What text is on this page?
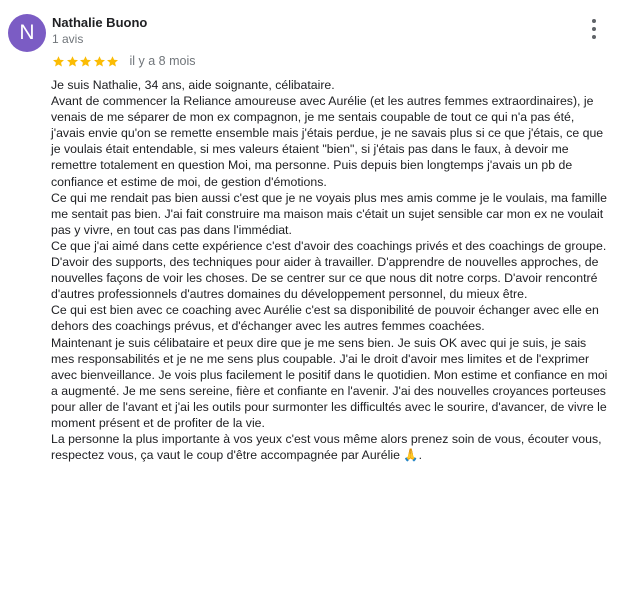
N	Nathalie Buono
1 avis
il y a 8 mois

Je suis Nathalie, 34 ans, aide soignante, célibataire.

Avant de commencer la Reliance amoureuse avec Aurélie (et les autres femmes extraordinaires), je venais de me séparer de mon ex compagnon, je me sentais coupable de tout ce qui n'a pas été, j'avais envie qu'on se remette ensemble mais j'étais perdue, je ne savais plus si ce que j'étais, ce que je voulais était entendable, si mes valeurs étaient "bien", si j'étais pas dans le faux, à devoir me remettre totalement en question Moi, ma personne. Puis depuis bien longtemps j'avais un pb de confiance et estime de moi, de gestion d'émotions.

Ce qui me rendait pas bien aussi c'est que je ne voyais plus mes amis comme je le voulais, ma famille me sentait pas bien. J'ai fait construire ma maison mais c'était un sujet sensible car mon ex ne voulait pas y vivre, en tout cas pas dans l'immédiat.

Ce que j'ai aimé dans cette expérience c'est d'avoir des coachings privés et des coachings de groupe. D'avoir des supports, des techniques pour aider à travailler. D'apprendre de nouvelles approches, de nouvelles façons de voir les choses. De se centrer sur ce que nous dit notre corps. D'avoir rencontré d'autres professionnels d'autres domaines du développement personnel, du mieux être.

Ce qui est bien avec ce coaching avec Aurélie c'est sa disponibilité de pouvoir échanger avec elle en dehors des coachings prévus, et d'échanger avec les autres femmes coachées.

Maintenant je suis célibataire et peux dire que je me sens bien. Je suis OK avec qui je suis, je sais mes responsabilités et je ne me sens plus coupable. J'ai le droit d'avoir mes limites et de l'exprimer avec bienveillance. Je vois plus facilement le positif dans le quotidien. Mon estime et confiance en moi a augmenté. Je me sens sereine, fière et confiante en l'avenir. J'ai des nouvelles croyances porteuses pour aller de l'avant et j'ai les outils pour surmonter les difficultés avec le sourire, d'avancer, de vivre le moment présent et de profiter de la vie.

La personne la plus importante à vos yeux c'est vous même alors prenez soin de vous, écouter vous, respectez vous, ça vaut le coup d'être accompagnée par Aurélie 🙏.
